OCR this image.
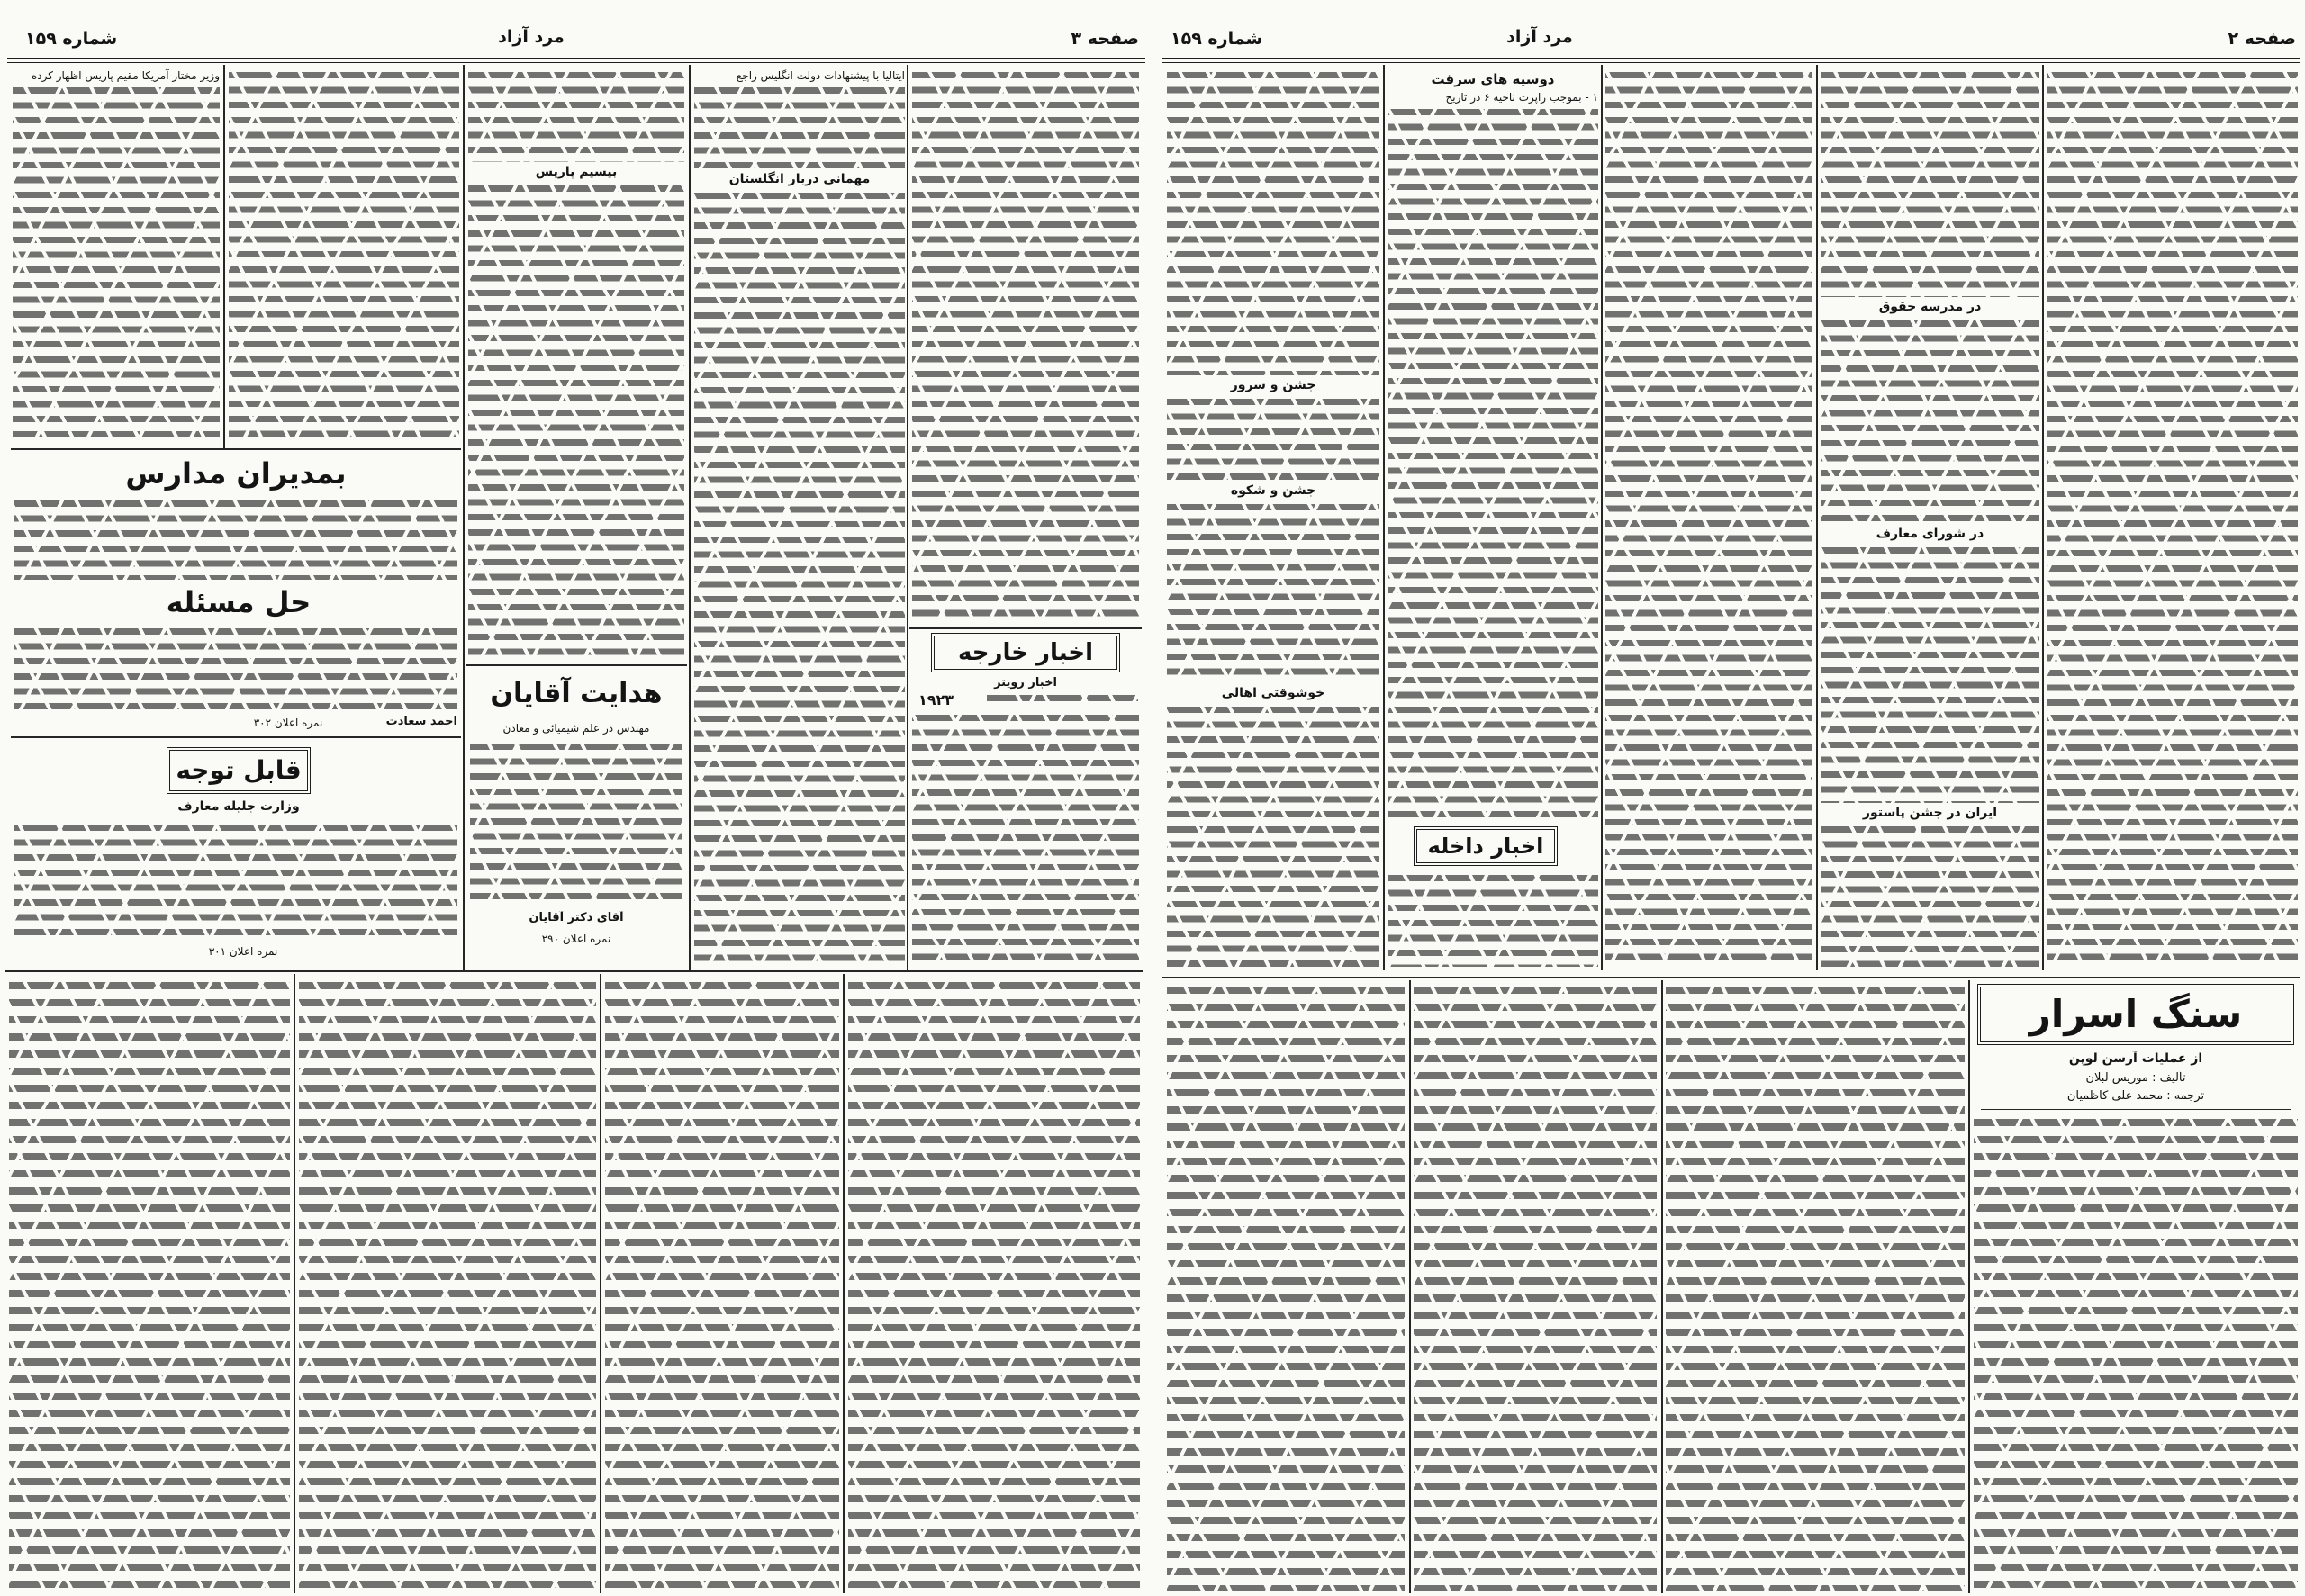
شماره ۱۵۹	مرد آزاد	صفحه ۳
وزیر مختار آمریکا مقیم پاریس اظهار کرده
بمدیران مدارس
حل مسئله
احمد سعادت
نمره اعلان ۳۰۲
قابل توجه
وزارت جلیله معارف
نمره اعلان ۳۰۱
بیسیم پاریس
هدایت آقایان
مهندس در علم شیمیائی و معادن
آقای دکتر آقایان
نمره اعلان ۲۹۰
ایتالیا با پیشنهادات دولت انگلیس راجع
مهمانی دربار انگلستان
اخبار خارجه
اخبار رویتر
۱۹۲۳
شماره ۱۵۹	مرد آزاد	صفحه ۲
جشن و سرور
جشن و شکوه
خوشوقتی اهالی
دوسیه های سرقت
۱ - بموجب راپرت ناحیه ۶ در تاریخ
اخبار داخله
در مدرسه حقوق
در شورای معارف
ایران در جشن پاستور
سنگ اسرار
از عملیات آرسن لوپن
تألیف : موریس لبلان
ترجمه : محمد علی کاظمیان
